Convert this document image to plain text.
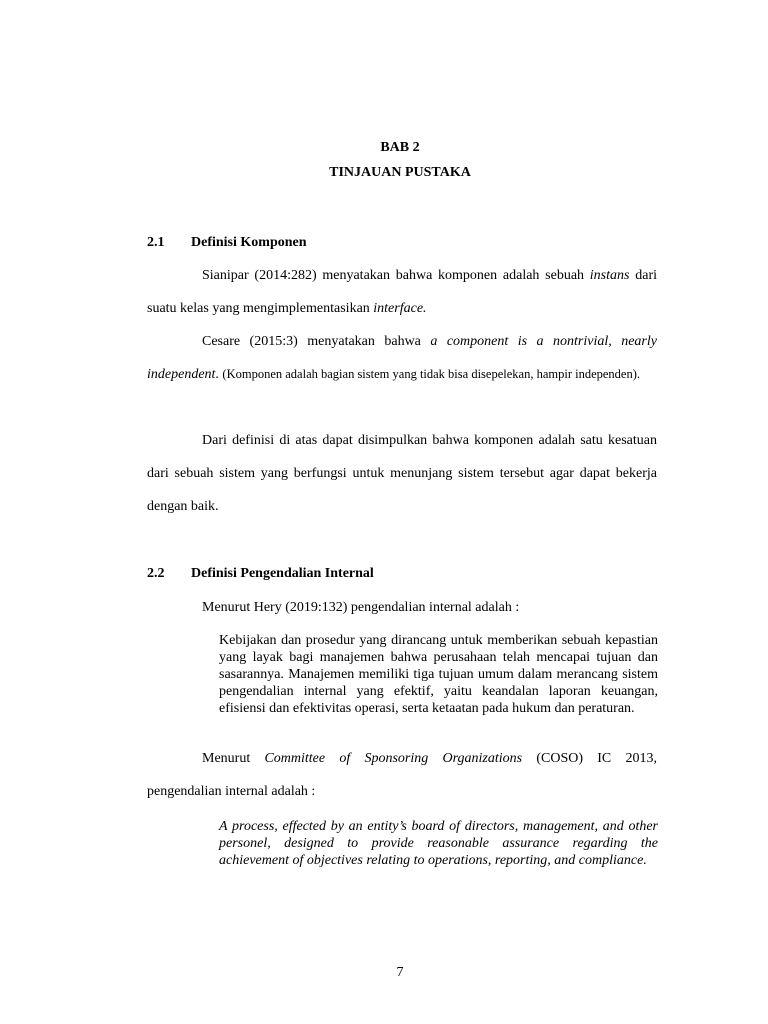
BAB 2
TINJAUAN PUSTAKA
2.1 Definisi Komponen

Sianipar (2014:282) menyatakan bahwa komponen adalah sebuah instans dari suatu kelas yang mengimplementasikan interface.

Cesare (2015:3) menyatakan bahwa a component is a nontrivial, nearly independent. (Komponen adalah bagian sistem yang tidak bisa disepelekan, hampir independen).

Dari definisi di atas dapat disimpulkan bahwa komponen adalah satu kesatuan dari sebuah sistem yang berfungsi untuk menunjang sistem tersebut agar dapat bekerja dengan baik.

2.2 Definisi Pengendalian Internal

Menurut Hery (2019:132) pengendalian internal adalah :

Kebijakan dan prosedur yang dirancang untuk memberikan sebuah kepastian yang layak bagi manajemen bahwa perusahaan telah mencapai tujuan dan sasarannya. Manajemen memiliki tiga tujuan umum dalam merancang sistem pengendalian internal yang efektif, yaitu keandalan laporan keuangan, efisiensi dan efektivitas operasi, serta ketaatan pada hukum dan peraturan.

Menurut Committee of Sponsoring Organizations (COSO) IC 2013, pengendalian internal adalah :

A process, effected by an entity’s board of directors, management, and other personel, designed to provide reasonable assurance regarding the achievement of objectives relating to operations, reporting, and compliance.

7
